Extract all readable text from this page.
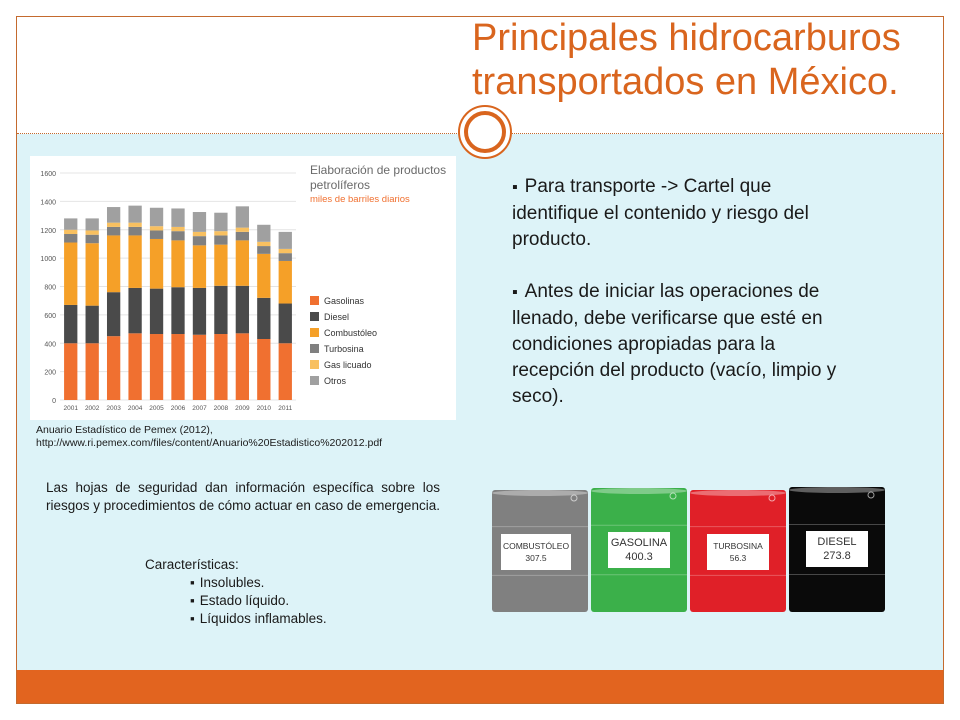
Principales hidrocarburos
transportados en México.
0
200
400
600
800
1000
1200
1400
1600
2001 2002 2003 2004 2005 2006 2007 2008 2009 2010 2011
Elaboración de productos
petrolíferos
miles de barriles diarios
Gasolinas
Diesel
Combustóleo
Turbosina
Gas licuado
Otros
Anuario Estadístico de Pemex (2012),
http://www.ri.pemex.com/files/content/Anuario%20Estadistico%202012.pdf
Las hojas de seguridad dan información específica sobre los riesgos y procedimientos de cómo actuar en caso de emergencia.
Características:
▪ Insolubles.
▪ Estado líquido.
▪ Líquidos inflamables.
▪ Para transporte -> Cartel que identifique el contenido y riesgo del producto.
▪ Antes de iniciar las operaciones de llenado, debe verificarse que esté en condiciones apropiadas para la recepción del producto (vacío, limpio y seco).
COMBUSTÓLEO
307.5
GASOLINA
400.3
TURBOSINA
56.3
DIESEL
273.8
